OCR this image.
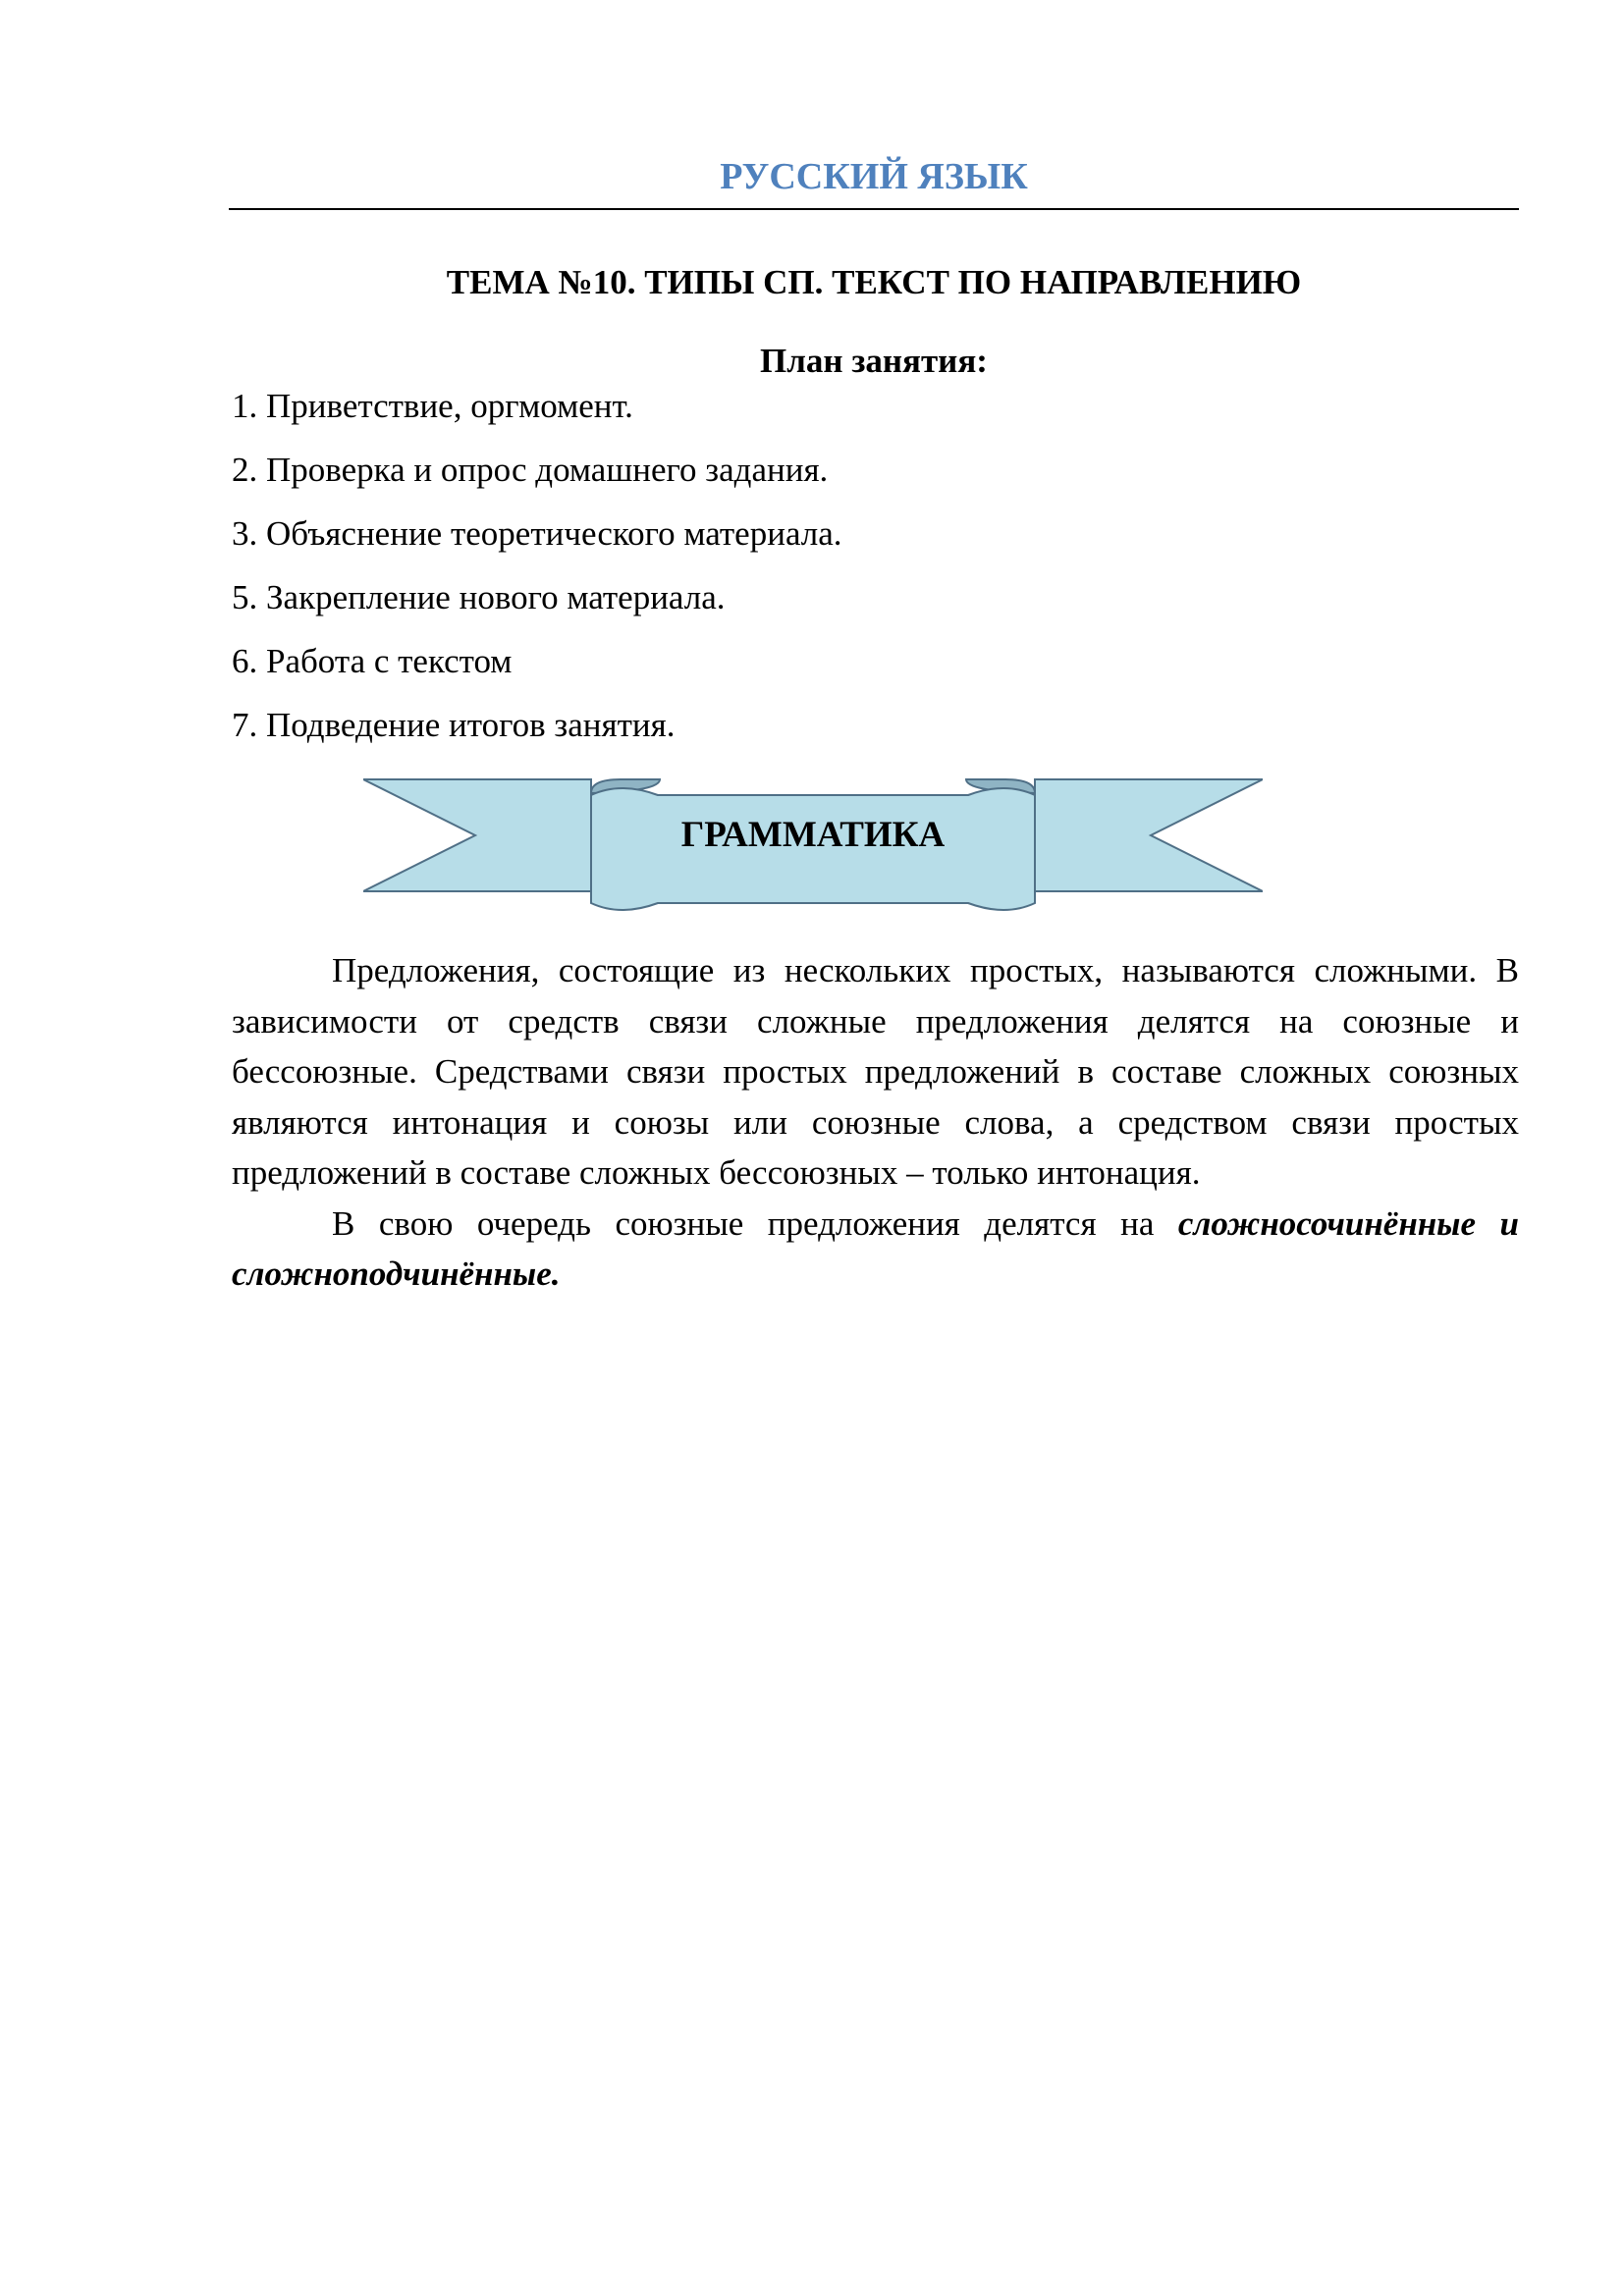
РУССКИЙ ЯЗЫК
ТЕМА №10. ТИПЫ СП. ТЕКСТ ПО НАПРАВЛЕНИЮ
План занятия:
1. Приветствие, оргмомент.
2. Проверка и опрос домашнего задания.
3. Объяснение теоретического материала.
5. Закрепление нового материала.
6. Работа с текстом
7. Подведение итогов занятия.
ГРАММАТИКА

Предложения, состоящие из нескольких простых, называются сложными. В зависимости от средств связи сложные предложения делятся на союзные и бессоюзные. Средствами связи простых предложений в составе сложных союзных являются интонация и союзы или союзные слова, а средством связи простых предложений в составе сложных бессоюзных – только интонация.

В свою очередь союзные предложения делятся на сложносочинённые и сложноподчинённые.
